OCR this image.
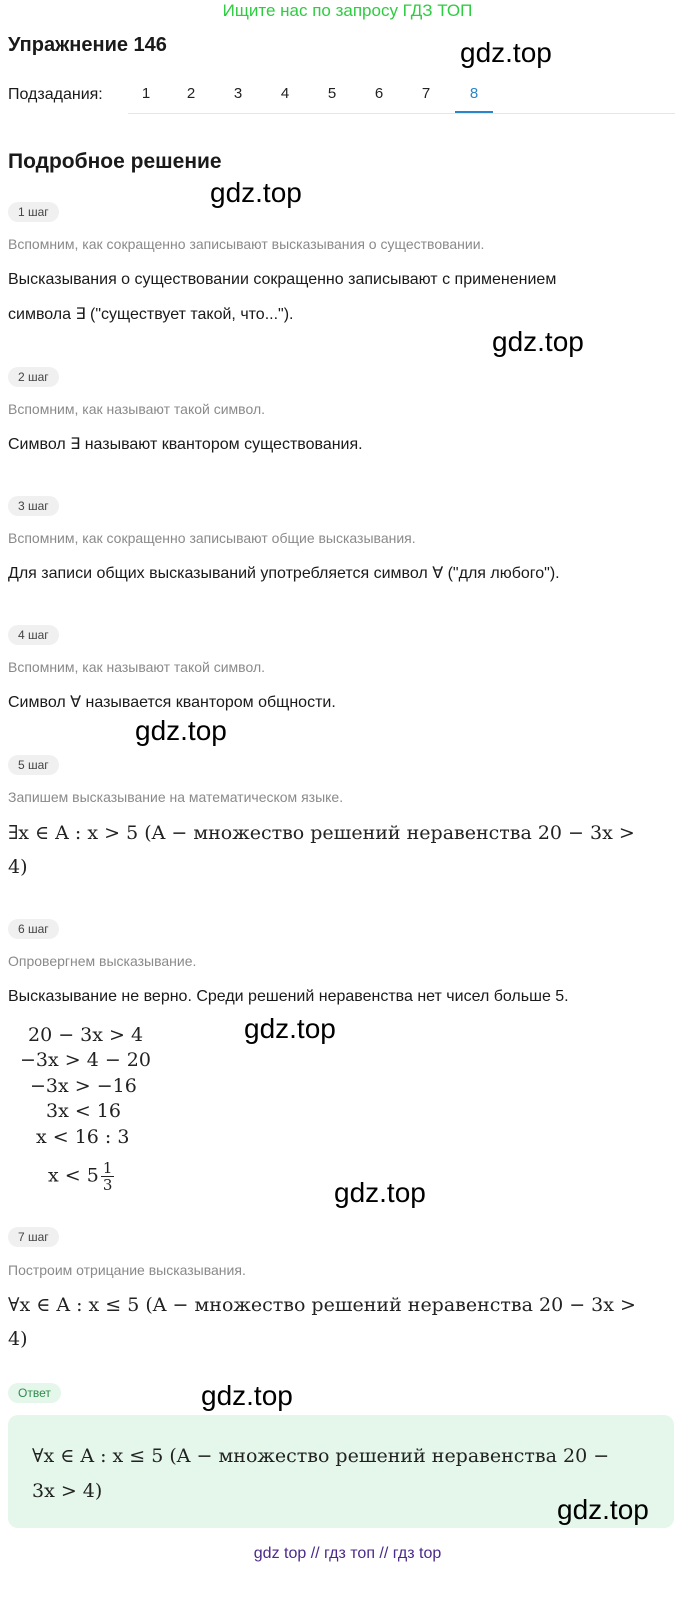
Ищите нас по запросу ГДЗ ТОП
Упражнение 146	gdz.top
Подзадания:	1	2	3	4	5	6	7	8
Подробное решение
gdz.top
1 шаг
Вспомним, как сокращенно записывают высказывания о существовании.
Высказывания о существовании сокращенно записывают с применением
символа ∃ ("существует такой, что...").
gdz.top
2 шаг
Вспомним, как называют такой символ.
Символ ∃ называют квантором существования.
3 шаг
Вспомним, как сокращенно записывают общие высказывания.
Для записи общих высказываний употребляется символ ∀ ("для любого").
4 шаг
Вспомним, как называют такой символ.
Символ ∀ называется квантором общности.
gdz.top
5 шаг
Запишем высказывание на математическом языке.
∃x ∈ A : x > 5 (A − множество решений неравенства 20 − 3x >
4)
6 шаг
Опровергнем высказывание.
Высказывание не верно. Среди решений неравенства нет чисел больше 5.
gdz.top
20 − 3x > 4
−3x > 4 − 20
−3x > −16
3x < 16
x < 16 : 3
$x < 5 \frac{1}{3}$	gdz.top
7 шаг
Построим отрицание высказывания.
∀x ∈ A : x ≤ 5 (A − множество решений неравенства 20 − 3x >
4)
Ответ	gdz.top
∀x ∈ A : x ≤ 5 (A − множество решений неравенства 20 −
3x > 4)
gdz.top
gdz top // гдз топ // гдз top
